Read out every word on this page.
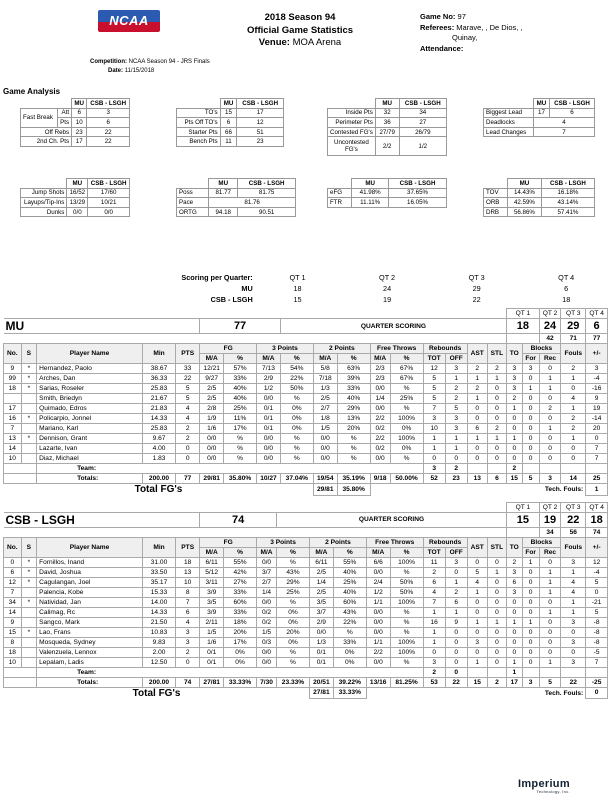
NCAA	2018 Season 94
Official Game Statistics
Venue: MOA Arena
Game No: 97
Referees: Marave, , De Dios, ,
Quinay,
Attendance:
Competition: NCAA Season 94 - JRS Finals
Date: 11/15/2018
Game Analysis
		MU	CSB - LSGH
Fast Break	Att	6	3
	Pts	10	6
Off Rebs		23	22
2nd Ch. Pts		17	22
	MU	CSB - LSGH
TO's	15	17
Pts Off TO's	6	12
Starter Pts	66	51
Bench Pts	11	23
	MU	CSB - LSGH
Inside Pts	32	34
Perimeter Pts	36	27
Contested FG's	27/79	26/79
Uncontested FG's	2/2	1/2
	MU	CSB - LSGH
Biggest Lead	17	6
Deadlocks	4	
Lead Changes	7	
	MU	CSB - LSGH
Jump Shots	16/52	17/60
Layups/Tip-Ins	13/29	10/21
Dunks	0/0	0/0
	MU	CSB - LSGH
Poss	81.77	81.75
Pace	81.76	
ORTG	94.18	90.51
	MU	CSB - LSGH
eFG	41.98%	37.65%
FTR	11.11%	16.05%
	MU	CSB - LSGH
TOV	14.43%	16.18%
ORB	42.59%	43.14%
DRB	56.86%	57.41%
Scoring per Quarter:	QT 1	QT 2	QT 3	QT 4
MU	18	24	29	6
CSB - LSGH	15	19	22	18
																	QT 1		QT 2	QT 3	QT 4
MU					77			QUARTER SCORING									18		24	29	6
																			42	71	77
No.	S	Player Name	Min	PTS	FG		3 Points		2 Points		Free Throws		Rebounds		AST	STL	TO	Blocks		Fouls	+/-
					M/A	%	M/A	%	M/A	%	M/A	%	TOT	OFF				For	Rec		
9	*	Hernandez, Paolo	38.67	33	12/21	57%	7/13	54%	5/8	63%	2/3	67%	12	3	2	2	3	3	0	2	3
99	*	Arches, Dan	36.33	22	9/27	33%	2/9	22%	7/18	39%	2/3	67%	5	1	1	1	3	0	1	1	-4
18	*	Sarias, Roseler	25.83	5	2/5	40%	1/2	50%	1/3	33%	0/0	%	5	2	2	0	3	1	1	0	-16
		Smith, Briedyn	21.67	5	2/5	40%	0/0	%	2/5	40%	1/4	25%	5	2	1	0	2	0	0	4	9
17		Quimado, Edros	21.83	4	2/8	25%	0/1	0%	2/7	29%	0/0	%	7	5	0	0	1	0	2	1	19
16	*	Policarpio, Jonnel	14.33	4	1/9	11%	0/1	0%	1/8	13%	2/2	100%	3	3	0	0	0	0	0	2	-14
7		Mariano, Karl	25.83	2	1/6	17%	0/1	0%	1/5	20%	0/2	0%	10	3	6	2	0	0	1	2	20
13	*	Dennison, Grant	9.67	2	0/0	%	0/0	%	0/0	%	2/2	100%	1	1	1	1	1	0	0	1	0
14		Lazarte, Ivan	4.00	0	0/0	%	0/0	%	0/0	%	0/2	0%	1	1	0	0	0	0	0	0	7
10		Diaz, Michael	1.83	0	0/0	%	0/0	%	0/0	%	0/0	%	0	0	0	0	0	0	0	0	7
		Team:											3	2			2				
		Totals:	200.00	77	29/81	35.80%	10/27	37.04%	19/54	35.19%	9/18	50.00%	52	23	13	6	15	5	3	14	25
		Total FG's							29/81	35.80%							Tech. Fouls:				1
																	QT 1		QT 2	QT 3	QT 4
CSB - LSGH					74			QUARTER SCORING									15		19	22	18
																			34	56	74
No.	S	Player Name	Min	PTS	FG		3 Points		2 Points		Free Throws		Rebounds		AST	STL	TO	Blocks		Fouls	+/-
					M/A	%	M/A	%	M/A	%	M/A	%	TOT	OFF				For	Rec		
0	*	Fornillos, Inand	31.00	18	6/11	55%	0/0	%	6/11	55%	6/6	100%	11	3	0	0	2	1	0	3	12
6	*	David, Joshua	33.50	13	5/12	42%	3/7	43%	2/5	40%	0/0	%	2	0	5	1	3	0	1	1	-4
12	*	Cagulangan, Joel	35.17	10	3/11	27%	2/7	29%	1/4	25%	2/4	50%	6	1	4	0	6	0	1	4	5
7		Palencia, Kobe	15.33	8	3/9	33%	1/4	25%	2/5	40%	1/2	50%	4	2	1	0	3	0	1	4	0
34	*	Natividad, Jan	14.00	7	3/5	60%	0/0	%	3/5	60%	1/1	100%	7	6	0	0	0	0	0	1	-21
14		Calimag, Rc	14.33	6	3/9	33%	0/2	0%	3/7	43%	0/0	%	1	1	0	0	0	0	1	1	5
9		Sangco, Mark	21.50	4	2/11	18%	0/2	0%	2/9	22%	0/0	%	16	9	1	1	1	1	0	3	-8
15	*	Lao, Frans	10.83	3	1/5	20%	1/5	20%	0/0	%	0/0	%	1	0	0	0	0	0	0	0	-8
8		Mosqueda, Sydney	9.83	3	1/6	17%	0/3	0%	1/3	33%	1/1	100%	1	0	3	0	0	0	0	3	-8
18		Valenzuela, Lennox	2.00	2	0/1	0%	0/0	%	0/1	0%	2/2	100%	0	0	0	0	0	0	0	0	-5
10		Lepalam, Ladis	12.50	0	0/1	0%	0/0	%	0/1	0%	0/0	%	3	0	1	0	1	0	1	3	7
		Team:											2	0			1				
		Totals:	200.00	74	27/81	33.33%	7/30	23.33%	20/51	39.22%	13/16	81.25%	53	22	15	2	17	3	5	22	-25
		Total FG's							27/81	33.33%							Tech. Fouls:				0
Imperium
Technology, Inc.
